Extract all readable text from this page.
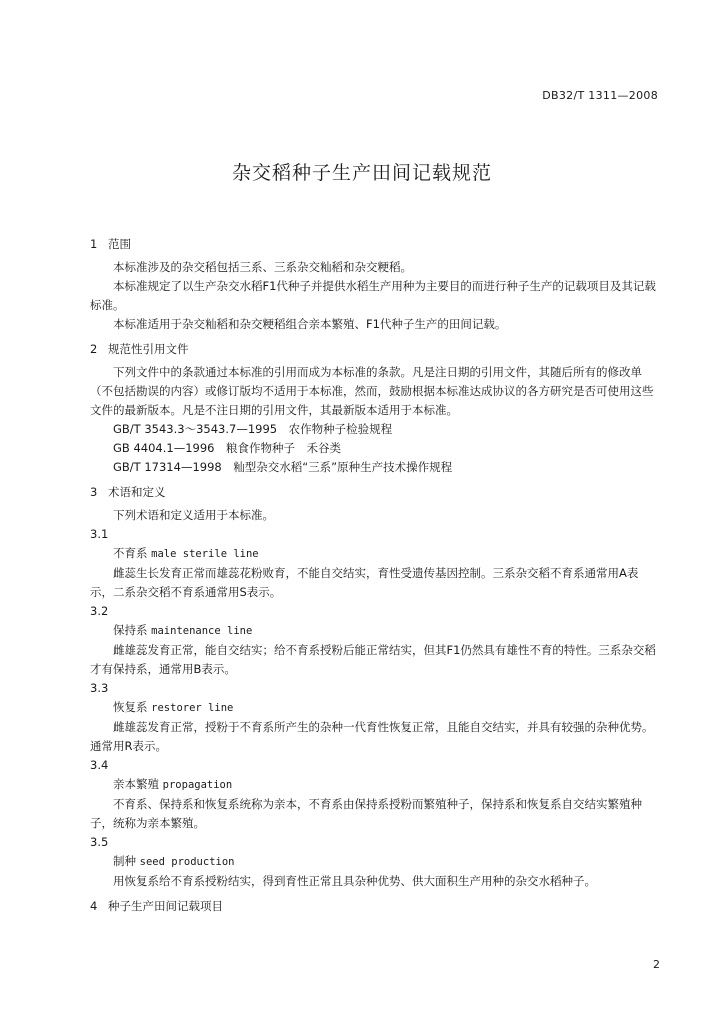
DB32/T 1311—2008
杂交稻种子生产田间记载规范
1 范围

本标准涉及的杂交稻包括三系、三系杂交籼稻和杂交粳稻。

本标准规定了以生产杂交水稻F1代种子并提供水稻生产用种为主要目的而进行种子生产的记载项目及其记载标准。

本标准适用于杂交籼稻和杂交粳稻组合亲本繁殖、F1代种子生产的田间记载。

2 规范性引用文件

下列文件中的条款通过本标准的引用而成为本标准的条款。凡是注日期的引用文件，其随后所有的修改单（不包括勘误的内容）或修订版均不适用于本标准，然而，鼓励根据本标准达成协议的各方研究是否可使用这些文件的最新版本。凡是不注日期的引用文件，其最新版本适用于本标准。

GB/T 3543.3～3543.7—1995　农作物种子检验规程

GB 4404.1—1996　粮食作物种子　禾谷类

GB/T 17314—1998　籼型杂交水稻“三系”原种生产技术操作规程

3 术语和定义

下列术语和定义适用于本标准。

3.1

不育系 male sterile line

雌蕊生长发育正常而雄蕊花粉败育，不能自交结实，育性受遗传基因控制。三系杂交稻不育系通常用A表示，二系杂交稻不育系通常用S表示。

3.2

保持系 maintenance line

雌雄蕊发育正常，能自交结实；给不育系授粉后能正常结实，但其F1仍然具有雄性不育的特性。三系杂交稻才有保持系，通常用B表示。

3.3

恢复系 restorer line

雌雄蕊发育正常，授粉于不育系所产生的杂种一代育性恢复正常，且能自交结实，并具有较强的杂种优势。通常用R表示。

3.4

亲本繁殖 propagation

不育系、保持系和恢复系统称为亲本，不育系由保持系授粉而繁殖种子，保持系和恢复系自交结实繁殖种子，统称为亲本繁殖。

3.5

制种 seed production

用恢复系给不育系授粉结实，得到育性正常且具杂种优势、供大面积生产用种的杂交水稻种子。

4 种子生产田间记载项目
2
